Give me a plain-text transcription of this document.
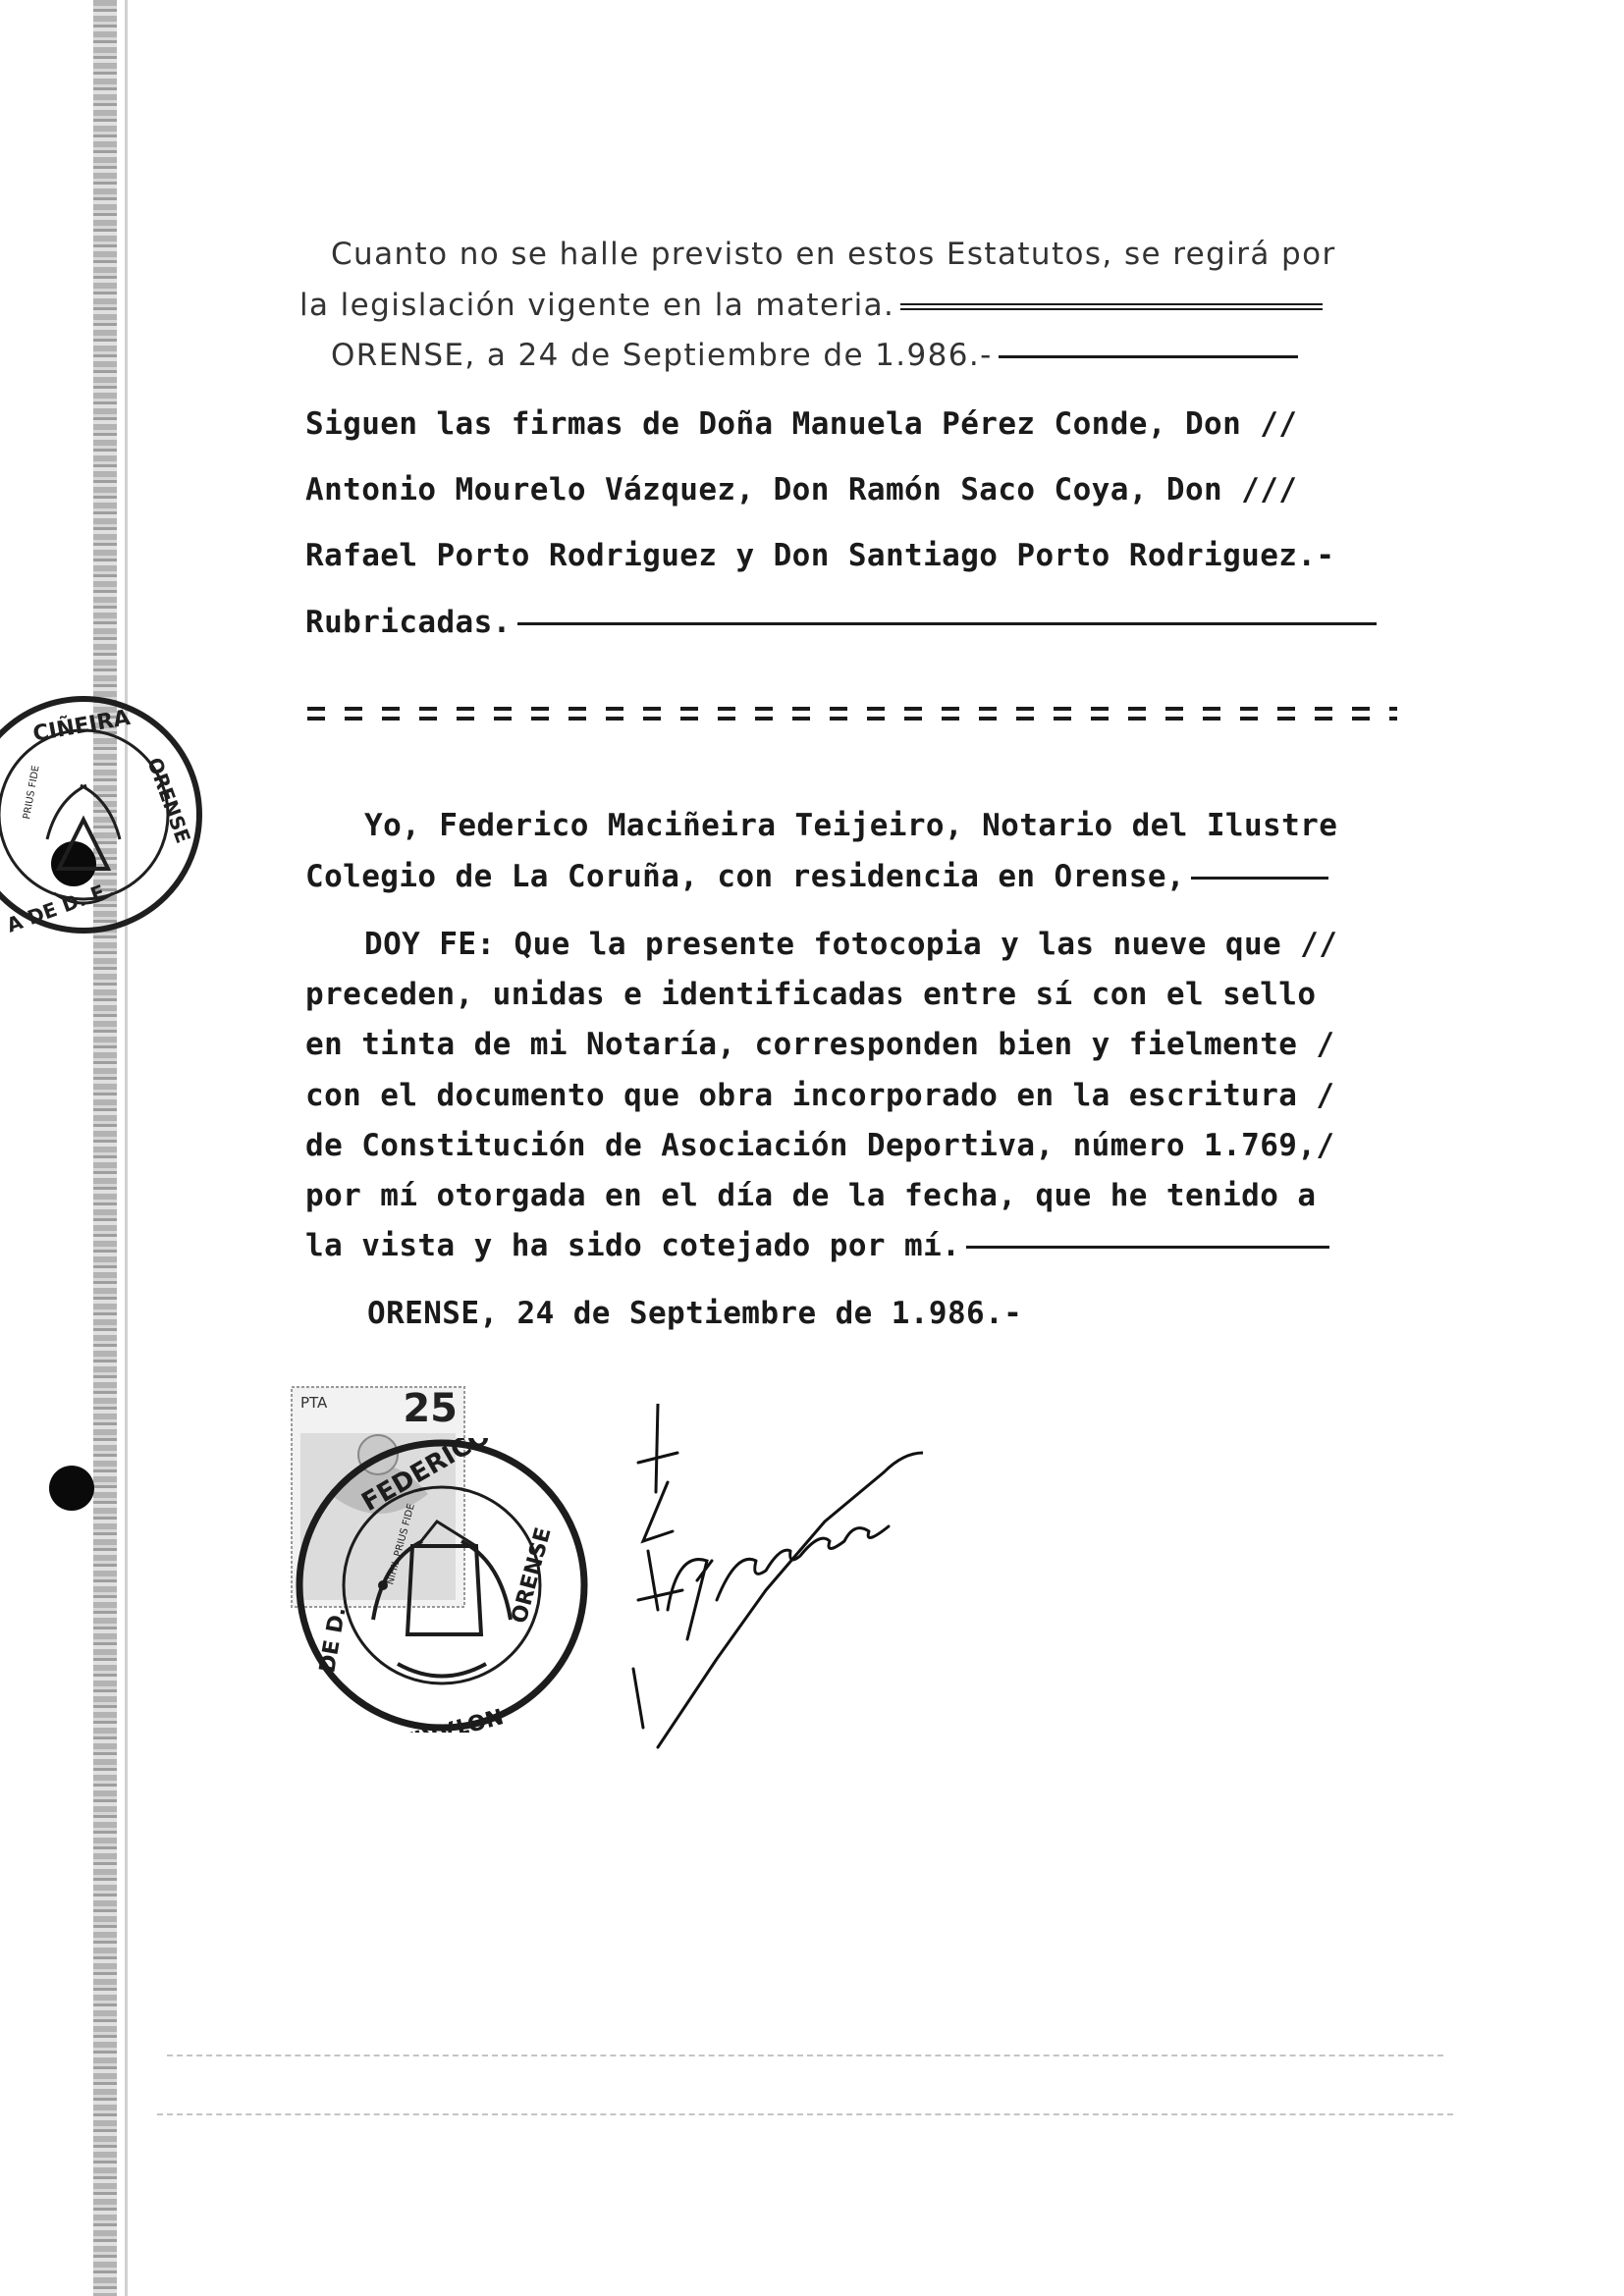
Cuanto no se halle previsto en estos Estatutos, se regirá por
la legislación vigente en la materia.
ORENSE, a 24 de Septiembre de 1.986.-
Siguen las firmas de Doña Manuela Pérez Conde, Don //
Antonio Mourelo Vázquez, Don Ramón Saco Coya, Don ///
Rafael Porto Rodriguez y Don Santiago Porto Rodriguez.-
Rubricadas.
Yo, Federico Maciñeira Teijeiro, Notario del Ilustre
Colegio de La Coruña, con residencia en Orense,
DOY FE: Que la presente fotocopia y las nueve que //
preceden, unidas e identificadas entre sí con el sello
en tinta de mi Notaría, corresponden bien y fielmente /
con el documento que obra incorporado en la escritura /
de Constitución de Asociación Deportiva, número 1.769,/
por mí otorgada en el día de la fecha, que he tenido a
la vista y ha sido cotejado por mí.
ORENSE, 24 de Septiembre de 1.986.-
CIÑEIRA
ORENSE
A DE D. F
PRIUS FIDE
PTA 25
ORENSE
NOTARIA
DE D.
NIHIL PRIUS FIDE
